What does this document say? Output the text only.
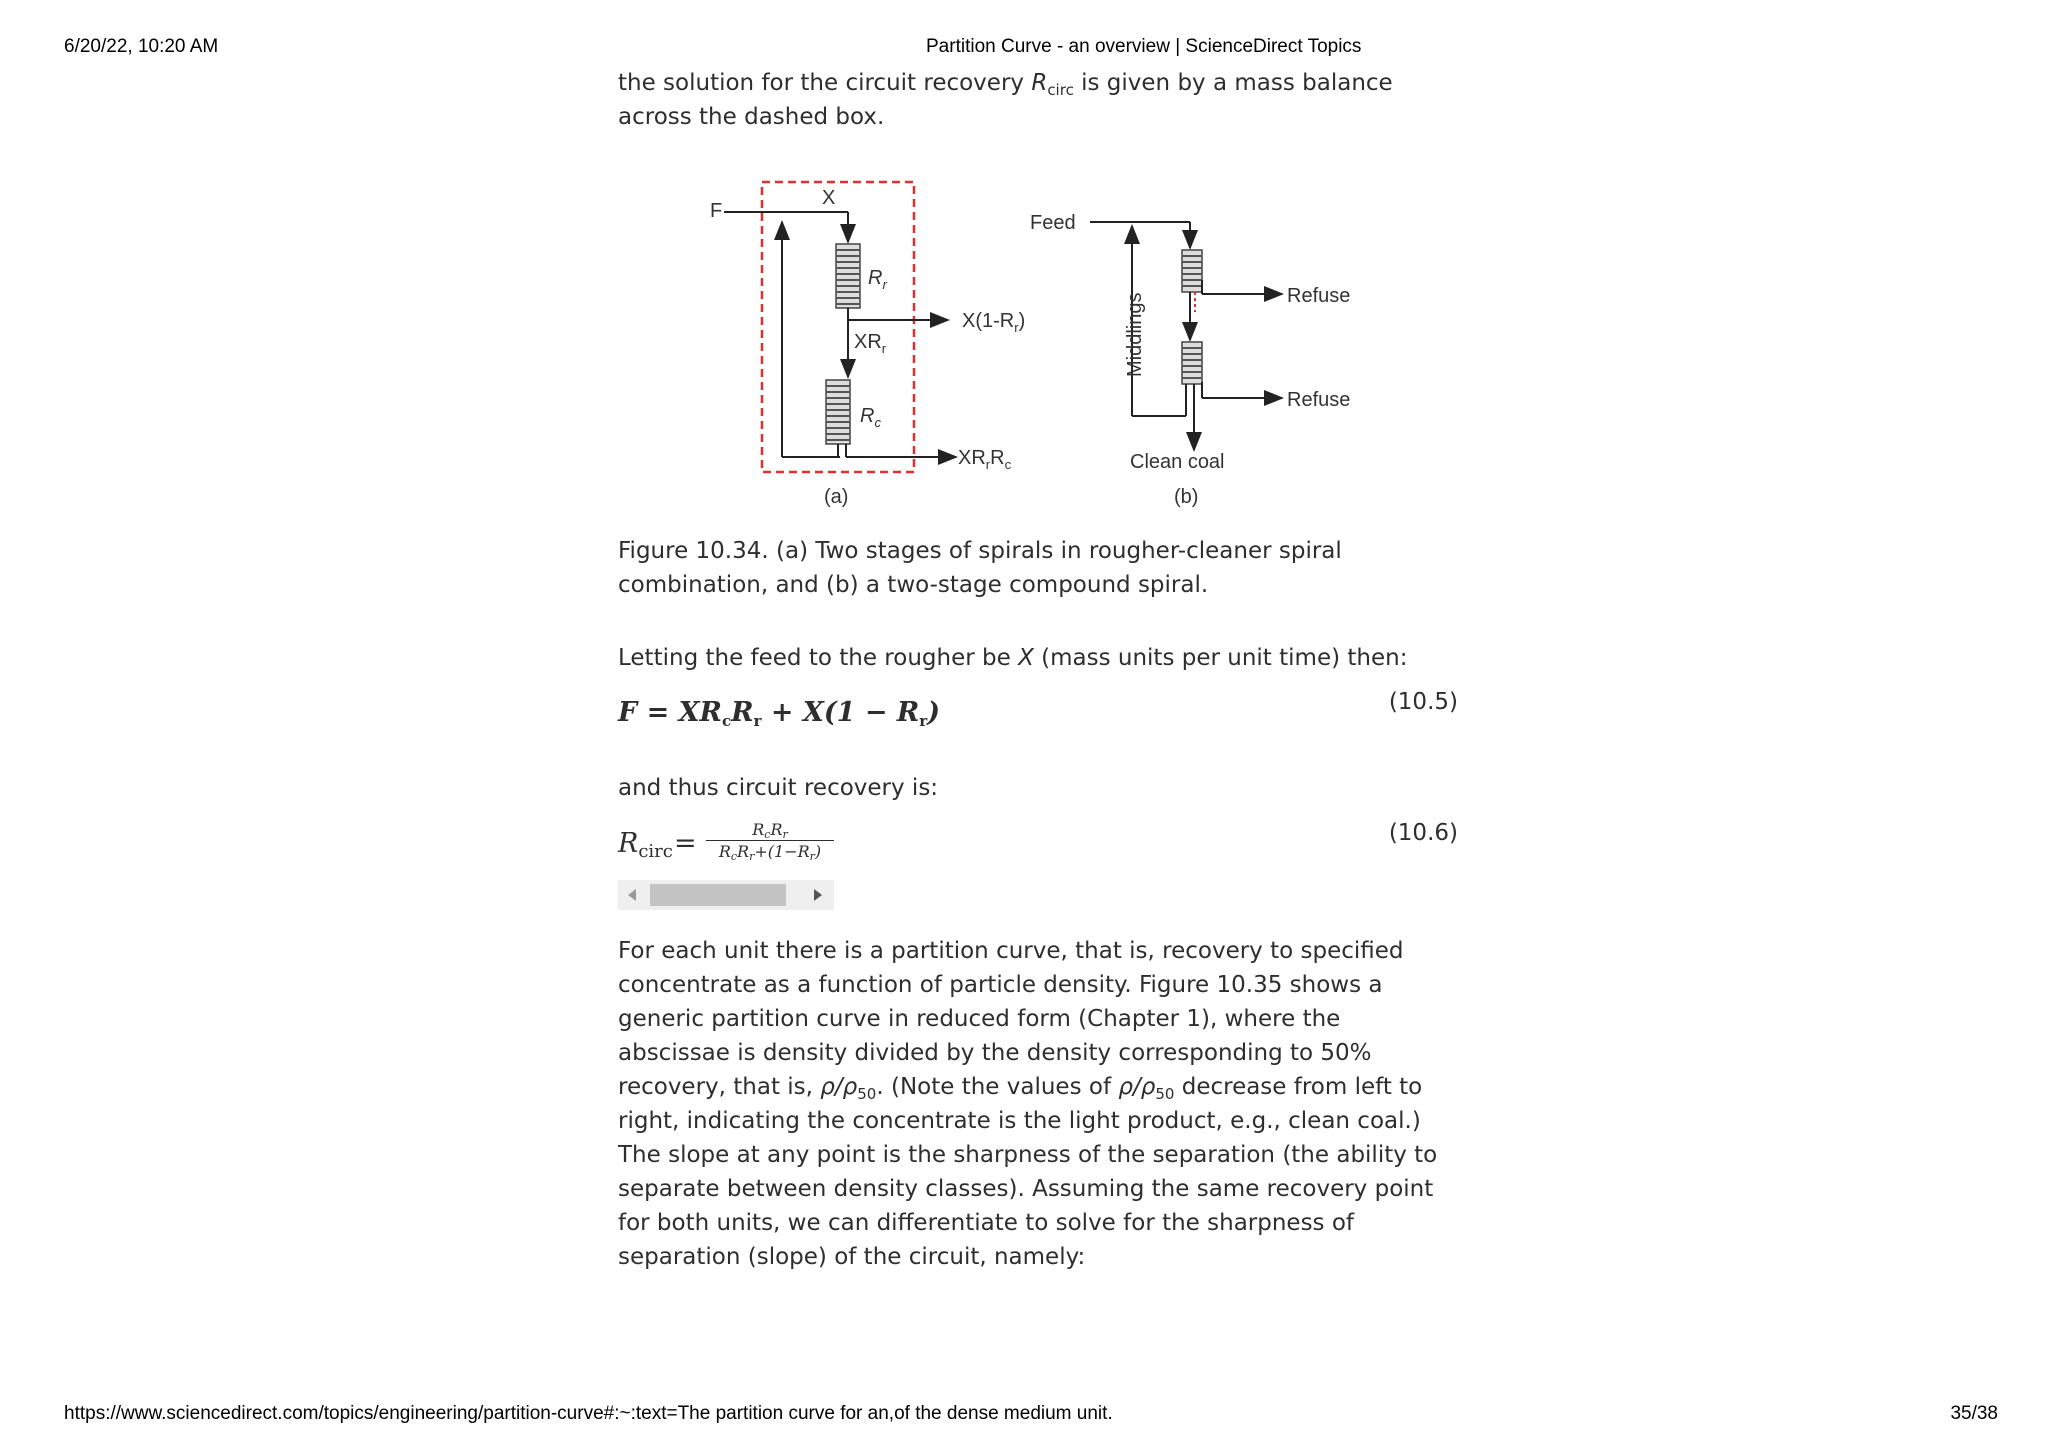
6/20/22, 10:20 AM	Partition Curve - an overview | ScienceDirect Topics

the solution for the circuit recovery $R_{circ}$ is given by a mass balance across the dashed box.

F
X
$R_r$
$X(1-R_r)$
$XR_r$
$R_c$
$XR_rR_c$
(a)
Feed
Refuse
Refuse
Middlings
Clean coal
(b)
Figure 10.34. (a) Two stages of spirals in rougher-cleaner spiral combination, and (b) a two-stage compound spiral.
Letting the feed to the rougher be X (mass units per unit time) then:
$F = XR_cR_r + X(1 - R_r)$	(10.5)
and thus circuit recovery is:
$R_{circ}$ =	$R_cR_r$
$R_cR_r+(1-R_r)$
(10.6)
For each unit there is a partition curve, that is, recovery to specified concentrate as a function of particle density. Figure 10.35 shows a generic partition curve in reduced form (Chapter 1), where the abscissae is density divided by the density corresponding to 50% recovery, that is, $\rho/\rho_{50}$. (Note the values of $\rho/\rho_{50}$ decrease from left to right, indicating the concentrate is the light product, e.g., clean coal.) The slope at any point is the sharpness of the separation (the ability to separate between density classes). Assuming the same recovery point for both units, we can differentiate to solve for the sharpness of separation (slope) of the circuit, namely:
https://www.sciencedirect.com/topics/engineering/partition-curve#:~:text=The partition curve for an,of the dense medium unit.	35/38
